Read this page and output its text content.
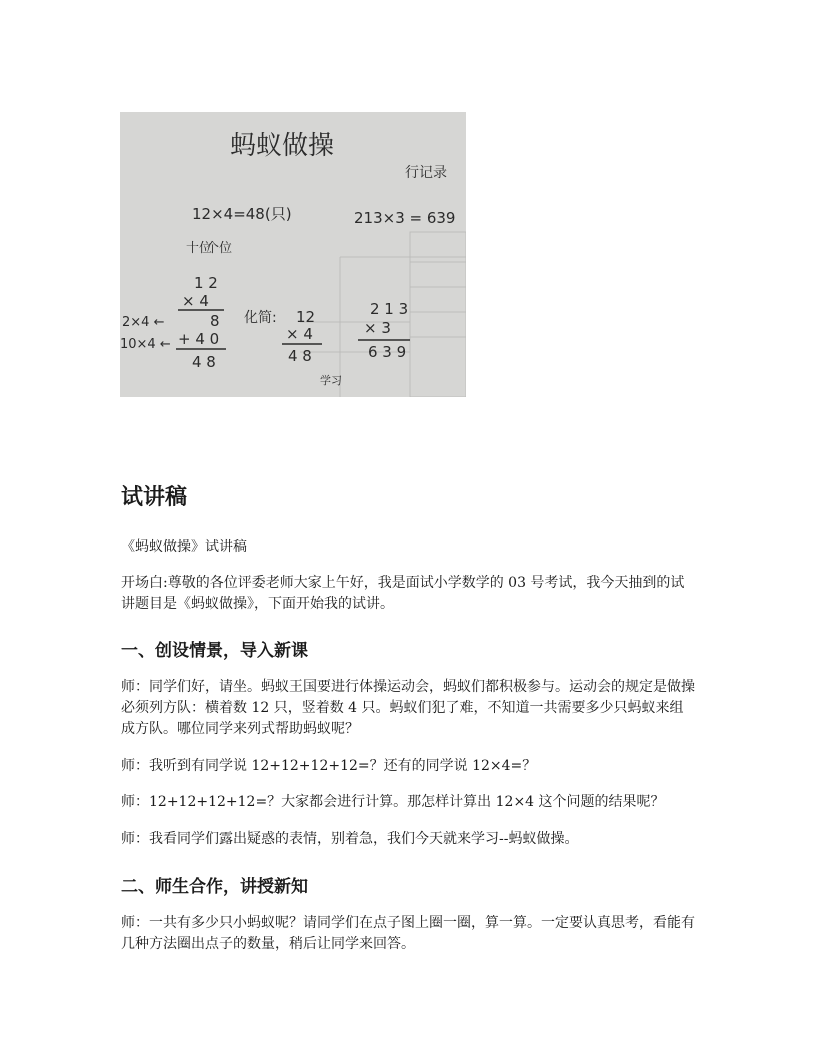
行记录
学习
蚂蚁做操
12×4=48(只)	213×3 = 639
十位
个位
1 2
× 4
8
+ 4 0
4 8
2×4 ←
10×4 ←
化简: 12
× 4
4 8
2 1 3
× 3
6 3 9
试讲稿
《蚂蚁做操》试讲稿
开场白:尊敬的各位评委老师大家上午好，我是面试小学数学的 03 号考试，我今天抽到的试讲题目是《蚂蚁做操》，下面开始我的试讲。
一、创设情景，导入新课
师：同学们好，请坐。蚂蚁王国要进行体操运动会，蚂蚁们都积极参与。运动会的规定是做操必须列方队：横着数 12 只，竖着数 4 只。蚂蚁们犯了难，不知道一共需要多少只蚂蚁来组成方队。哪位同学来列式帮助蚂蚁呢？
师：我听到有同学说 12+12+12+12=？还有的同学说 12×4=？
师：12+12+12+12=？大家都会进行计算。那怎样计算出 12×4 这个问题的结果呢？
师：我看同学们露出疑惑的表情，别着急，我们今天就来学习--蚂蚁做操。
二、师生合作，讲授新知
师：一共有多少只小蚂蚁呢？请同学们在点子图上圈一圈，算一算。一定要认真思考，看能有几种方法圈出点子的数量，稍后让同学来回答。
